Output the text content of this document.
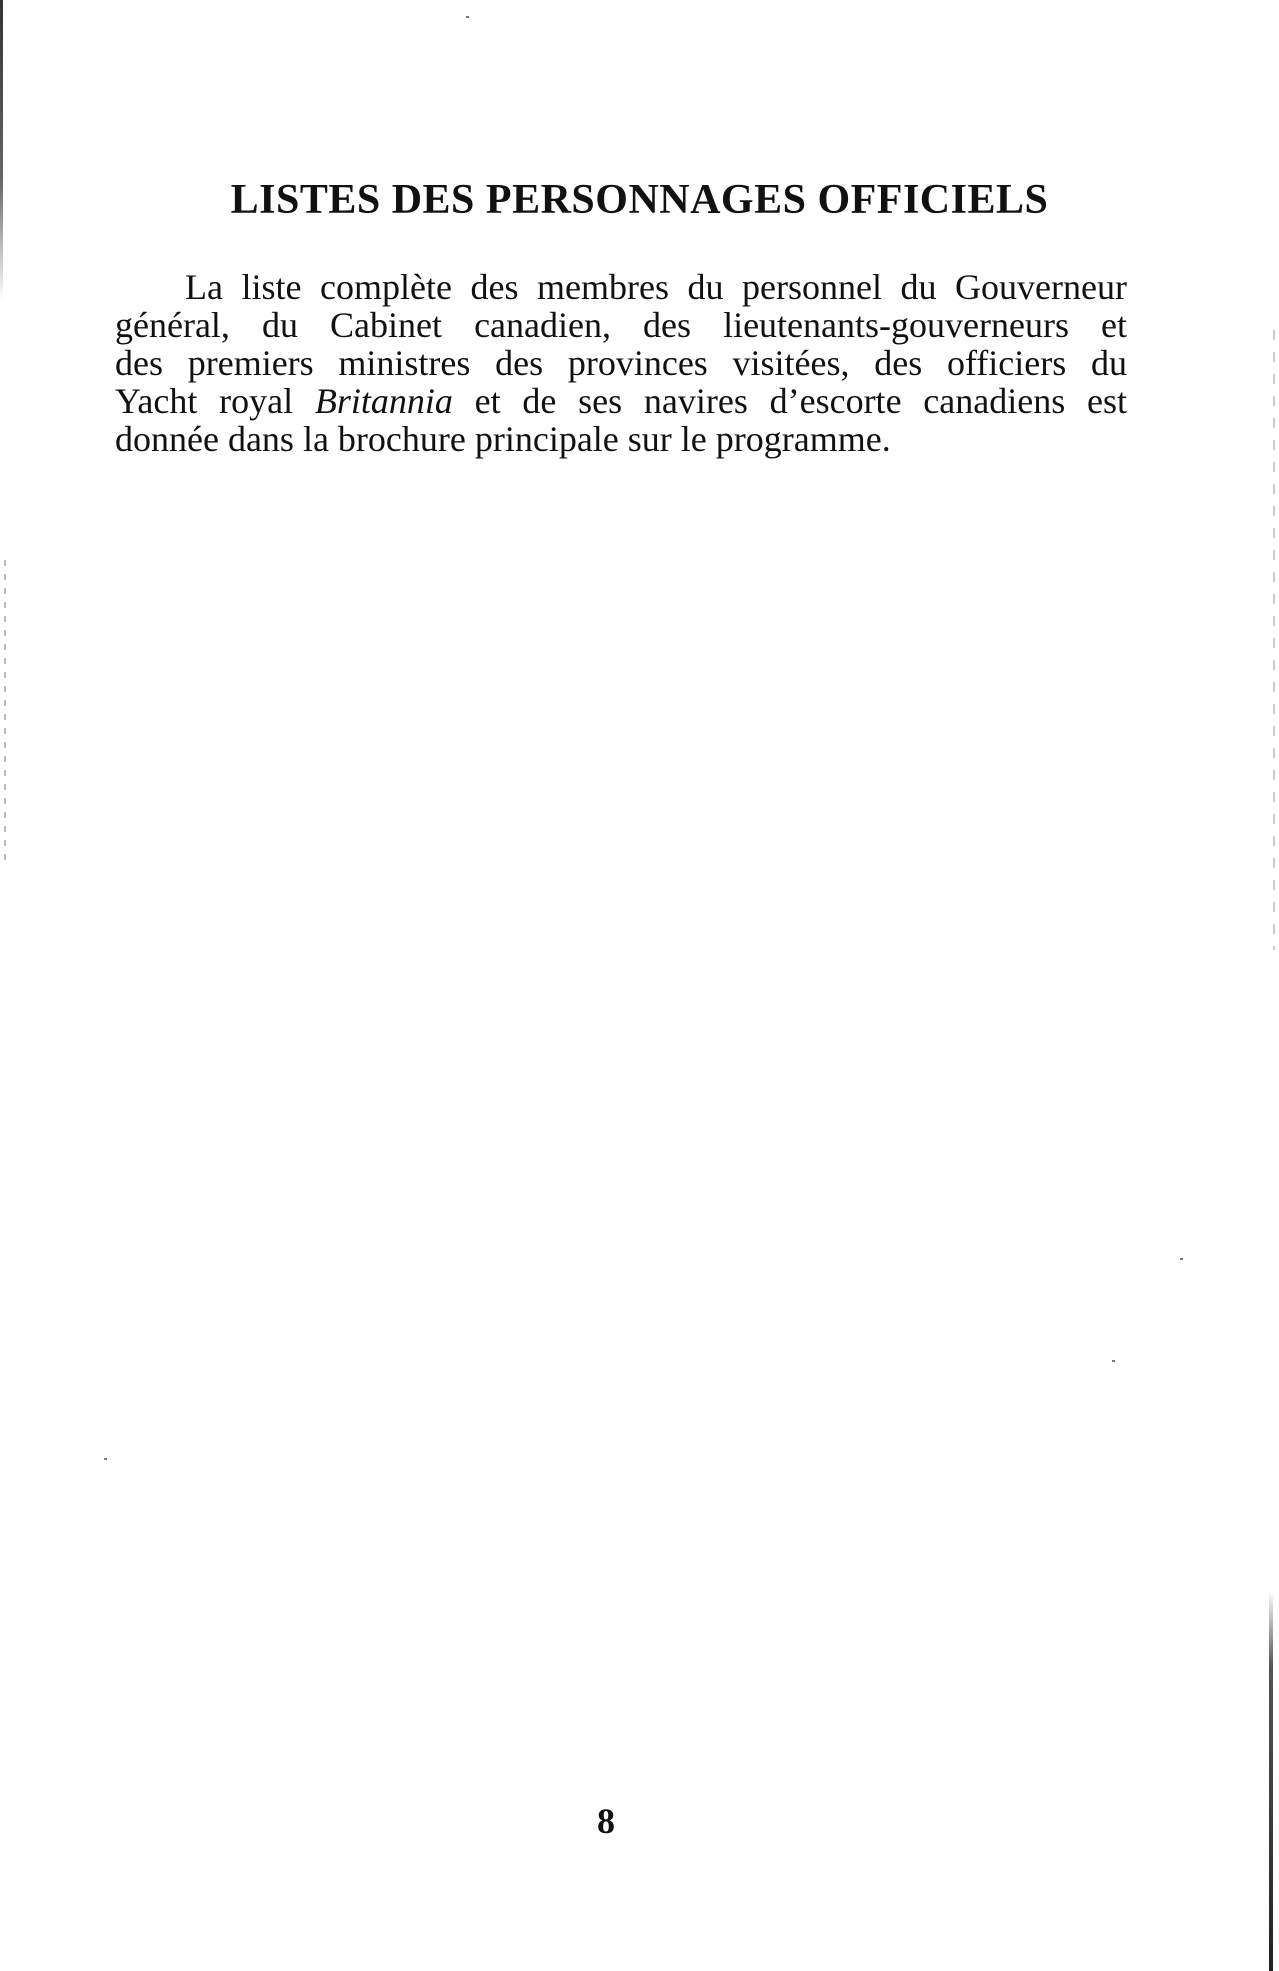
LISTES DES PERSONNAGES OFFICIELS

La liste complète des membres du personnel du Gouverneur
général, du Cabinet canadien, des lieutenants-gouverneurs et
des premiers ministres des provinces visitées, des officiers du
Yacht royal Britannia et de ses navires d’escorte canadiens est
donnée dans la brochure principale sur le programme.

8
